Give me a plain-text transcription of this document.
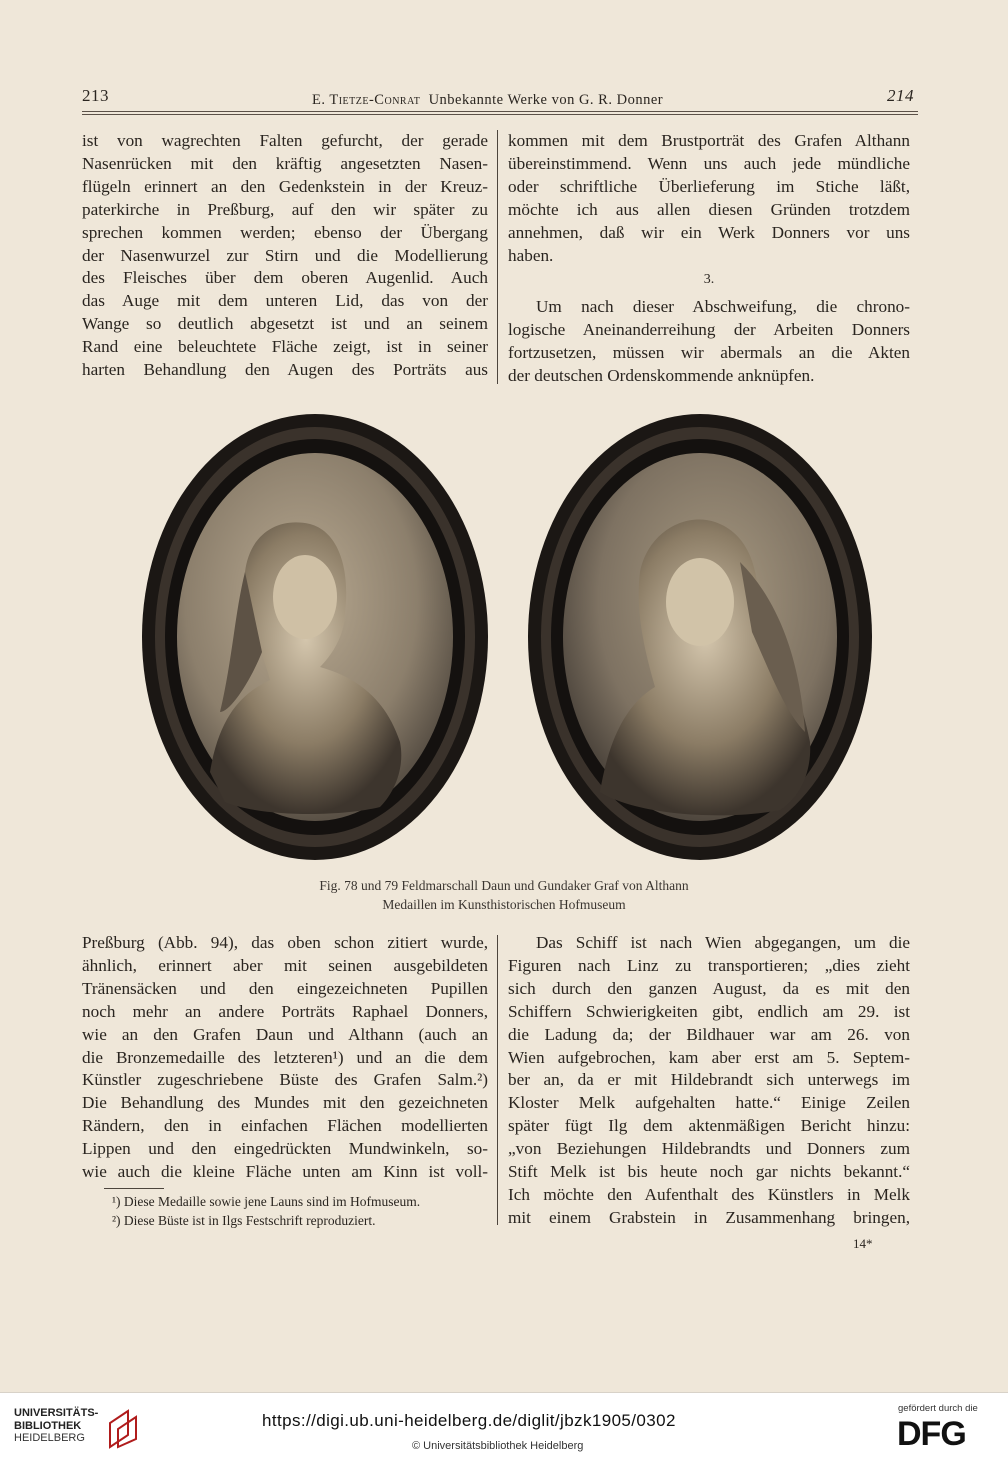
213	E. Tietze-Conrat Unbekannte Werke von G. R. Donner	214
ist von wagrechten Falten gefurcht, der gerade
Nasenrücken mit den kräftig angesetzten Nasen-
flügeln erinnert an den Gedenkstein in der Kreuz-
paterkirche in Preßburg, auf den wir später zu
sprechen kommen werden; ebenso der Übergang
der Nasenwurzel zur Stirn und die Modellierung
des Fleisches über dem oberen Augenlid. Auch
das Auge mit dem unteren Lid, das von der
Wange so deutlich abgesetzt ist und an seinem
Rand eine beleuchtete Fläche zeigt, ist in seiner
harten Behandlung den Augen des Porträts aus
kommen mit dem Brustporträt des Grafen Althann
übereinstimmend. Wenn uns auch jede mündliche
oder schriftliche Überlieferung im Stiche läßt,
möchte ich aus allen diesen Gründen trotzdem
annehmen, daß wir ein Werk Donners vor uns
haben.
3.
Um nach dieser Abschweifung, die chrono-
logische Aneinanderreihung der Arbeiten Donners
fortzusetzen, müssen wir abermals an die Akten
der deutschen Ordenskommende anknüpfen.
Fig. 78 und 79 Feldmarschall Daun und Gundaker Graf von Althann
Medaillen im Kunsthistorischen Hofmuseum
Preßburg (Abb. 94), das oben schon zitiert wurde,
ähnlich, erinnert aber mit seinen ausgebildeten
Tränensäcken und den eingezeichneten Pupillen
noch mehr an andere Porträts Raphael Donners,
wie an den Grafen Daun und Althann (auch an
die Bronzemedaille des letzteren¹) und an die dem
Künstler zugeschriebene Büste des Grafen Salm.²)
Die Behandlung des Mundes mit den gezeichneten
Rändern, den in einfachen Flächen modellierten
Lippen und den eingedrückten Mundwinkeln, so-
wie auch die kleine Fläche unten am Kinn ist voll-
Das Schiff ist nach Wien abgegangen, um die
Figuren nach Linz zu transportieren; „dies zieht
sich durch den ganzen August, da es mit den
Schiffern Schwierigkeiten gibt, endlich am 29. ist
die Ladung da; der Bildhauer war am 26. von
Wien aufgebrochen, kam aber erst am 5. Septem-
ber an, da er mit Hildebrandt sich unterwegs im
Kloster Melk aufgehalten hatte.“ Einige Zeilen
später fügt Ilg dem aktenmäßigen Bericht hinzu:
„von Beziehungen Hildebrandts und Donners zum
Stift Melk ist bis heute noch gar nichts bekannt.“
Ich möchte den Aufenthalt des Künstlers in Melk
mit einem Grabstein in Zusammenhang bringen,

¹) Diese Medaille sowie jene Launs sind im Hofmuseum.

²) Diese Büste ist in Ilgs Festschrift reproduziert.

14*
UNIVERSITÄTS-
BIBLIOTHEK
HEIDELBERG
https://digi.ub.uni-heidelberg.de/diglit/jbzk1905/0302
© Universitätsbibliothek Heidelberg
gefördert durch die
DFG
